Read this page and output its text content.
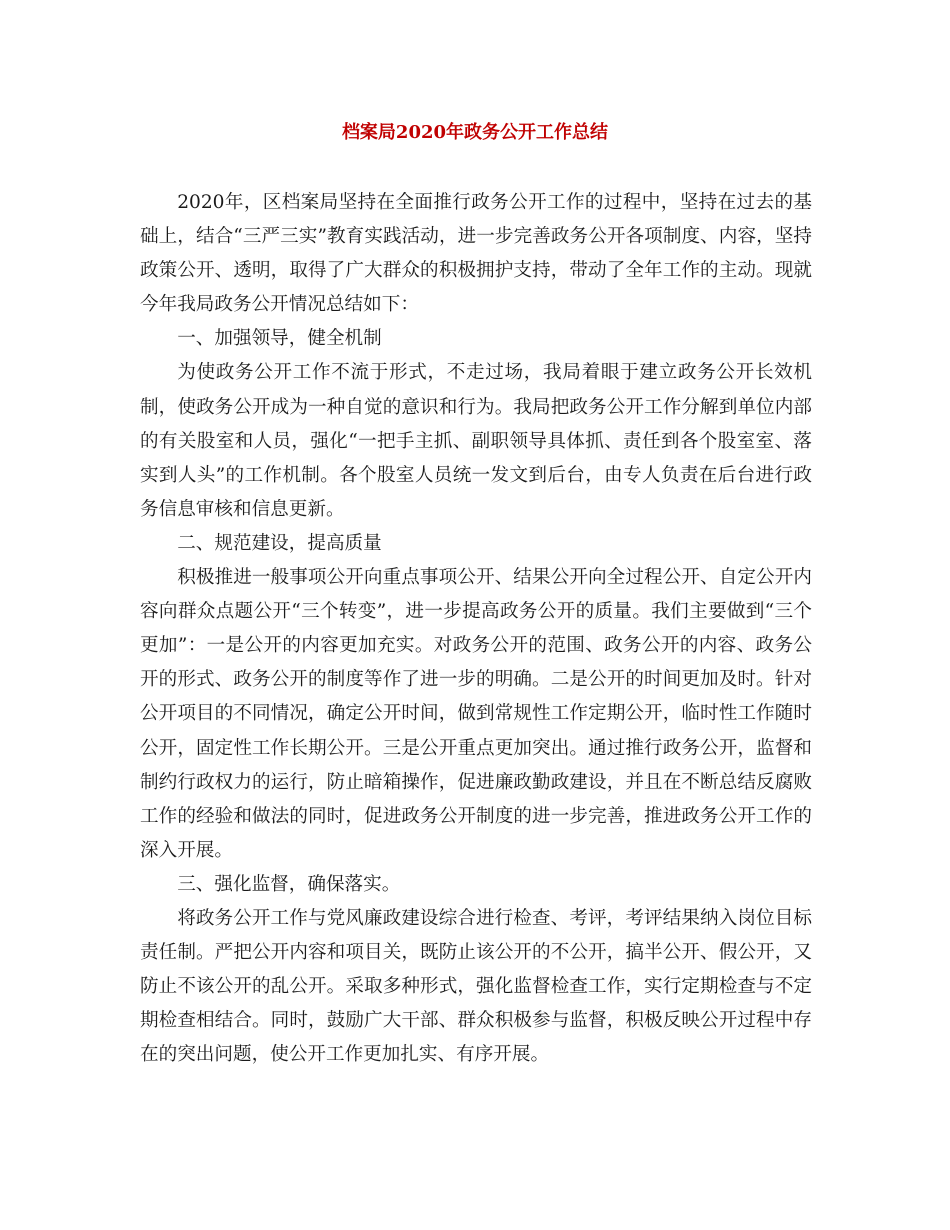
档案局2020年政务公开工作总结

2020年，区档案局坚持在全面推行政务公开工作的过程中，坚持在过去的基础上，结合“三严三实”教育实践活动，进一步完善政务公开各项制度、内容，坚持政策公开、透明，取得了广大群众的积极拥护支持，带动了全年工作的主动。现就今年我局政务公开情况总结如下：

一、加强领导，健全机制

为使政务公开工作不流于形式，不走过场，我局着眼于建立政务公开长效机制，使政务公开成为一种自觉的意识和行为。我局把政务公开工作分解到单位内部的有关股室和人员，强化“一把手主抓、副职领导具体抓、责任到各个股室室、落实到人头”的工作机制。各个股室人员统一发文到后台，由专人负责在后台进行政务信息审核和信息更新。

二、规范建设，提高质量

积极推进一般事项公开向重点事项公开、结果公开向全过程公开、自定公开内容向群众点题公开“三个转变”，进一步提高政务公开的质量。我们主要做到“三个更加”：一是公开的内容更加充实。对政务公开的范围、政务公开的内容、政务公开的形式、政务公开的制度等作了进一步的明确。二是公开的时间更加及时。针对公开项目的不同情况，确定公开时间，做到常规性工作定期公开，临时性工作随时公开，固定性工作长期公开。三是公开重点更加突出。通过推行政务公开，监督和制约行政权力的运行，防止暗箱操作，促进廉政勤政建设，并且在不断总结反腐败工作的经验和做法的同时，促进政务公开制度的进一步完善，推进政务公开工作的深入开展。

三、强化监督，确保落实。

将政务公开工作与党风廉政建设综合进行检查、考评，考评结果纳入岗位目标责任制。严把公开内容和项目关，既防止该公开的不公开，搞半公开、假公开，又防止不该公开的乱公开。采取多种形式，强化监督检查工作，实行定期检查与不定期检查相结合。同时，鼓励广大干部、群众积极参与监督，积极反映公开过程中存在的突出问题，使公开工作更加扎实、有序开展。
